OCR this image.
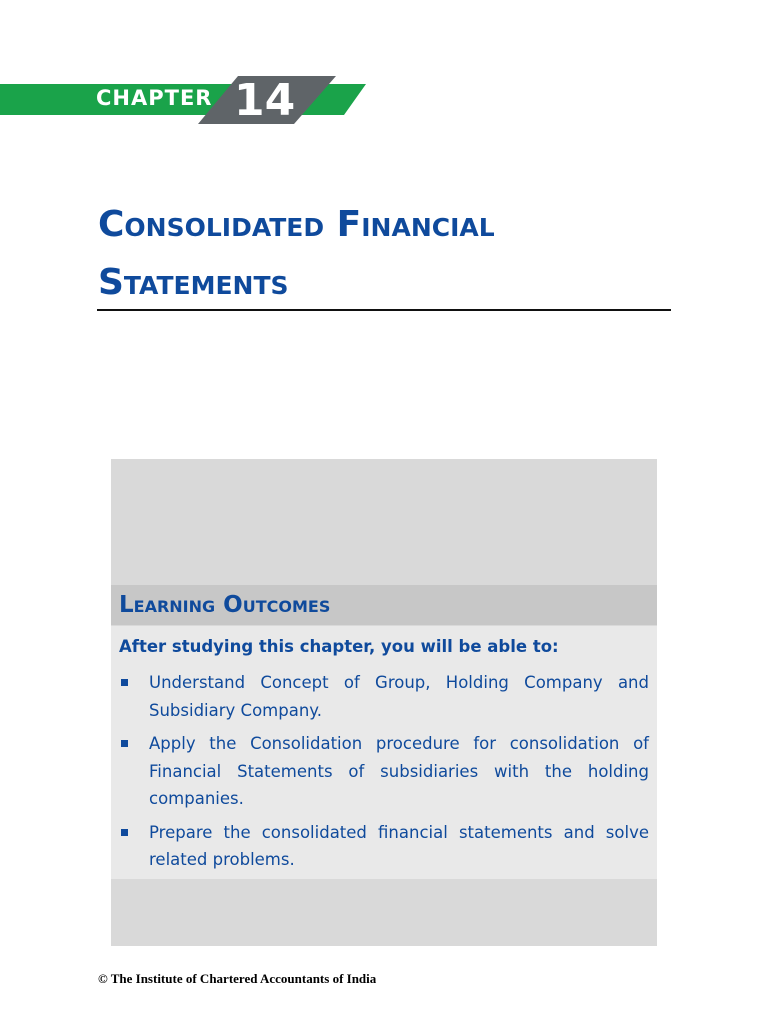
CHAPTER 14
Consolidated Financial
Statements
Learning Outcomes

After studying this chapter, you will be able to:

Understand Concept of Group, Holding Company and Subsidiary Company.
Apply the Consolidation procedure for consolidation of Financial Statements of subsidiaries with the holding companies.
Prepare the consolidated financial statements and solve related problems.

© The Institute of Chartered Accountants of India
